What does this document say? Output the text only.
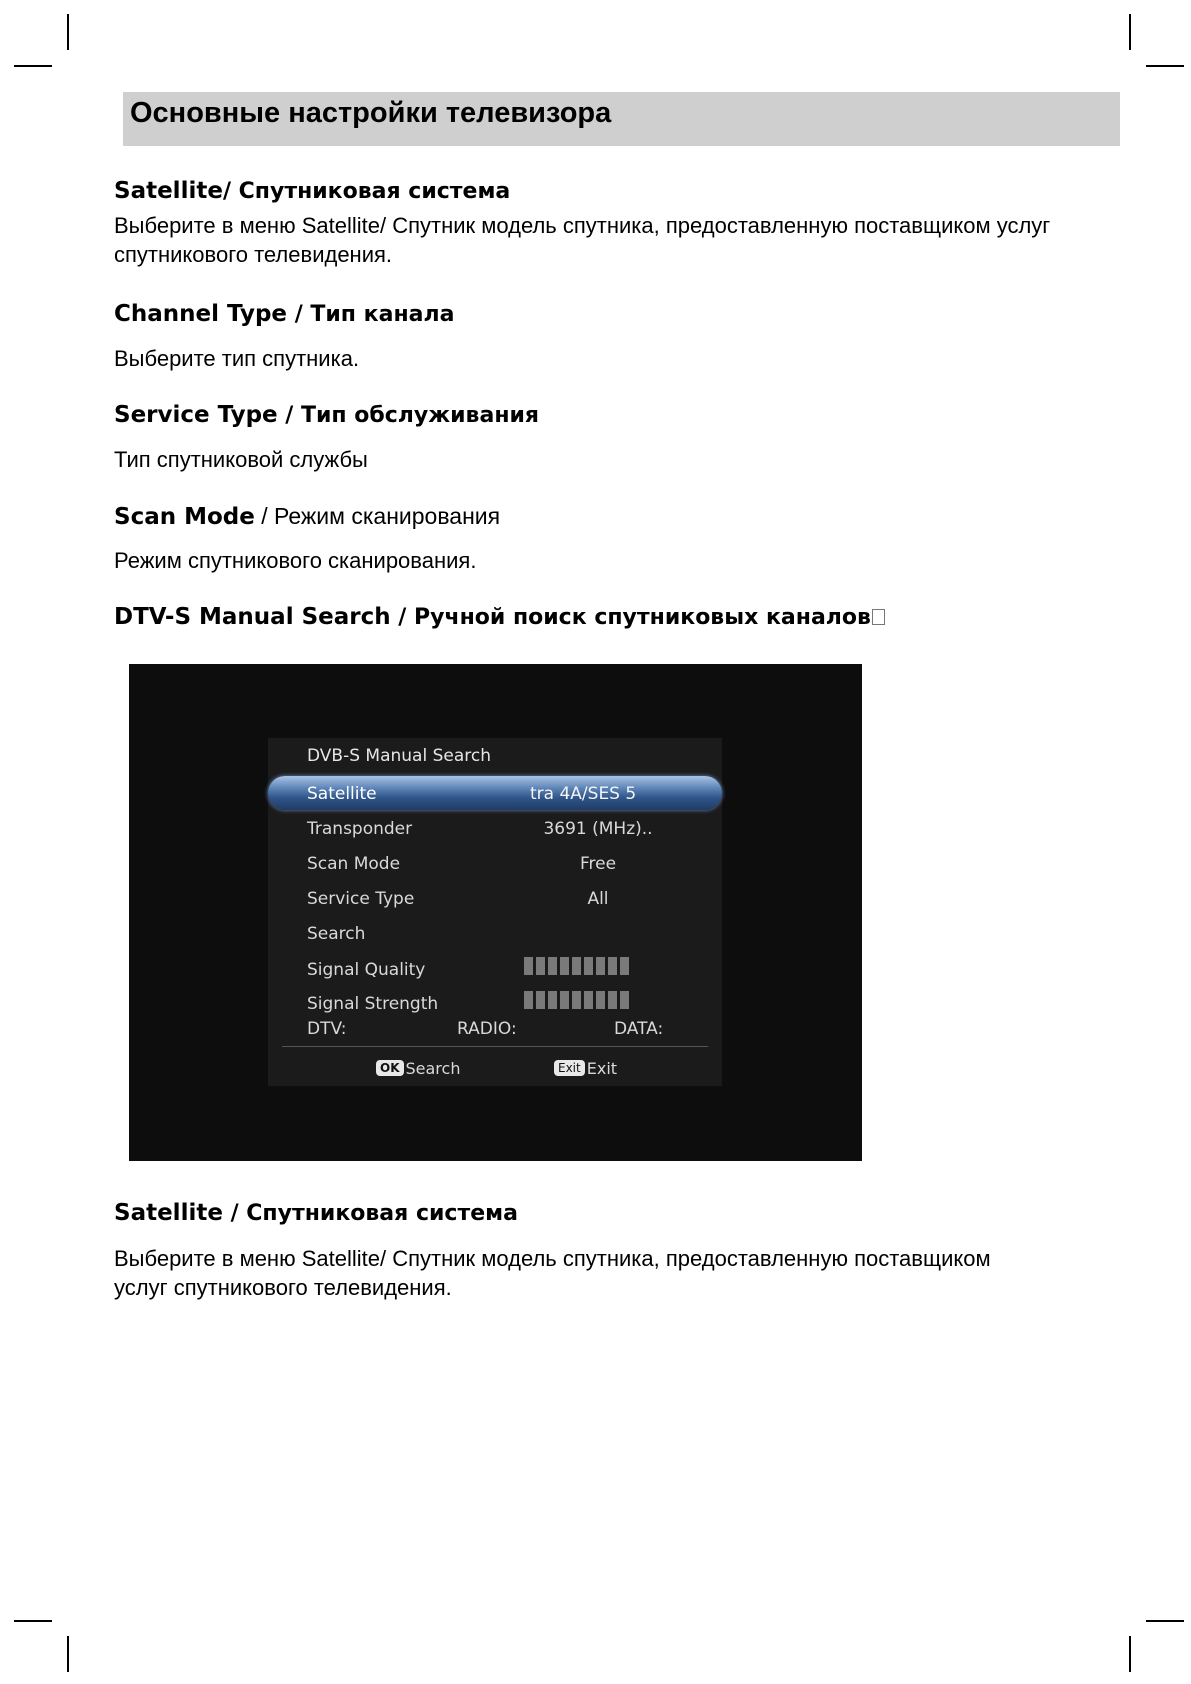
Основные настройки телевизора
Satellite/ Спутниковая система
Выберите в меню Satellite/ Спутник модель спутника, предоставленную поставщиком услуг спутникового телевидения.
Channel Type / Тип канала
Выберите тип спутника.
Service Type / Тип обслуживания
Тип спутниковой службы
Scan Mode / Режим сканирования
Режим спутникового сканирования.
DTV-S Manual Search / Ручной поиск спутниковых каналов
DVB-S Manual Search
Satellite	tra 4A/SES 5
Transponder	3691 (MHz)..
Scan Mode	Free
Service Type	All
Search
Signal Quality
Signal Strength
DTV:	RADIO:	DATA:
OK Search	Exit Exit
Satellite / Спутниковая система
Выберите в меню Satellite/ Спутник модель спутника, предоставленную поставщиком
услуг спутникового телевидения.
